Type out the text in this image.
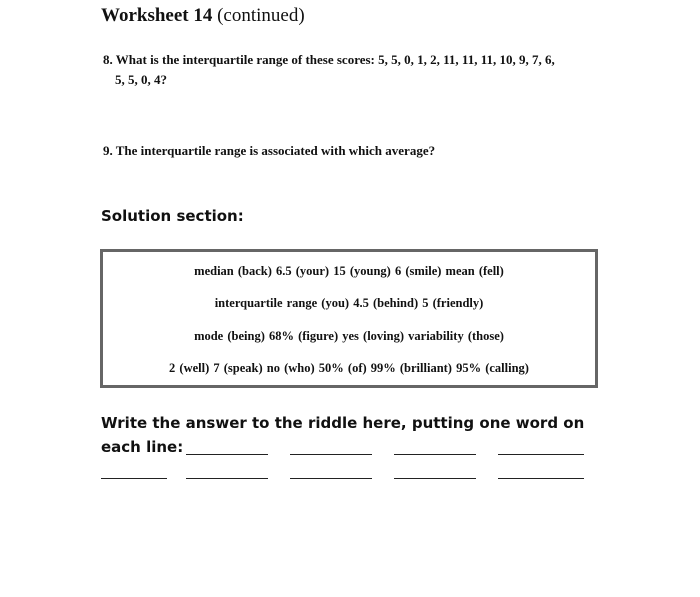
Worksheet 14 (continued)
8. What is the interquartile range of these scores: 5, 5, 0, 1, 2, 11, 11, 11, 10, 9, 7, 6,
5, 5, 0, 4?
9. The interquartile range is associated with which average?
Solution section:
median (back) 6.5 (your) 15 (young) 6 (smile) mean (fell)
interquartile range (you) 4.5 (behind) 5 (friendly)
mode (being) 68% (figure) yes (loving) variability (those)
2 (well) 7 (speak) no (who) 50% (of) 99% (brilliant) 95% (calling)
Write the answer to the riddle here, putting one word on
each line:
